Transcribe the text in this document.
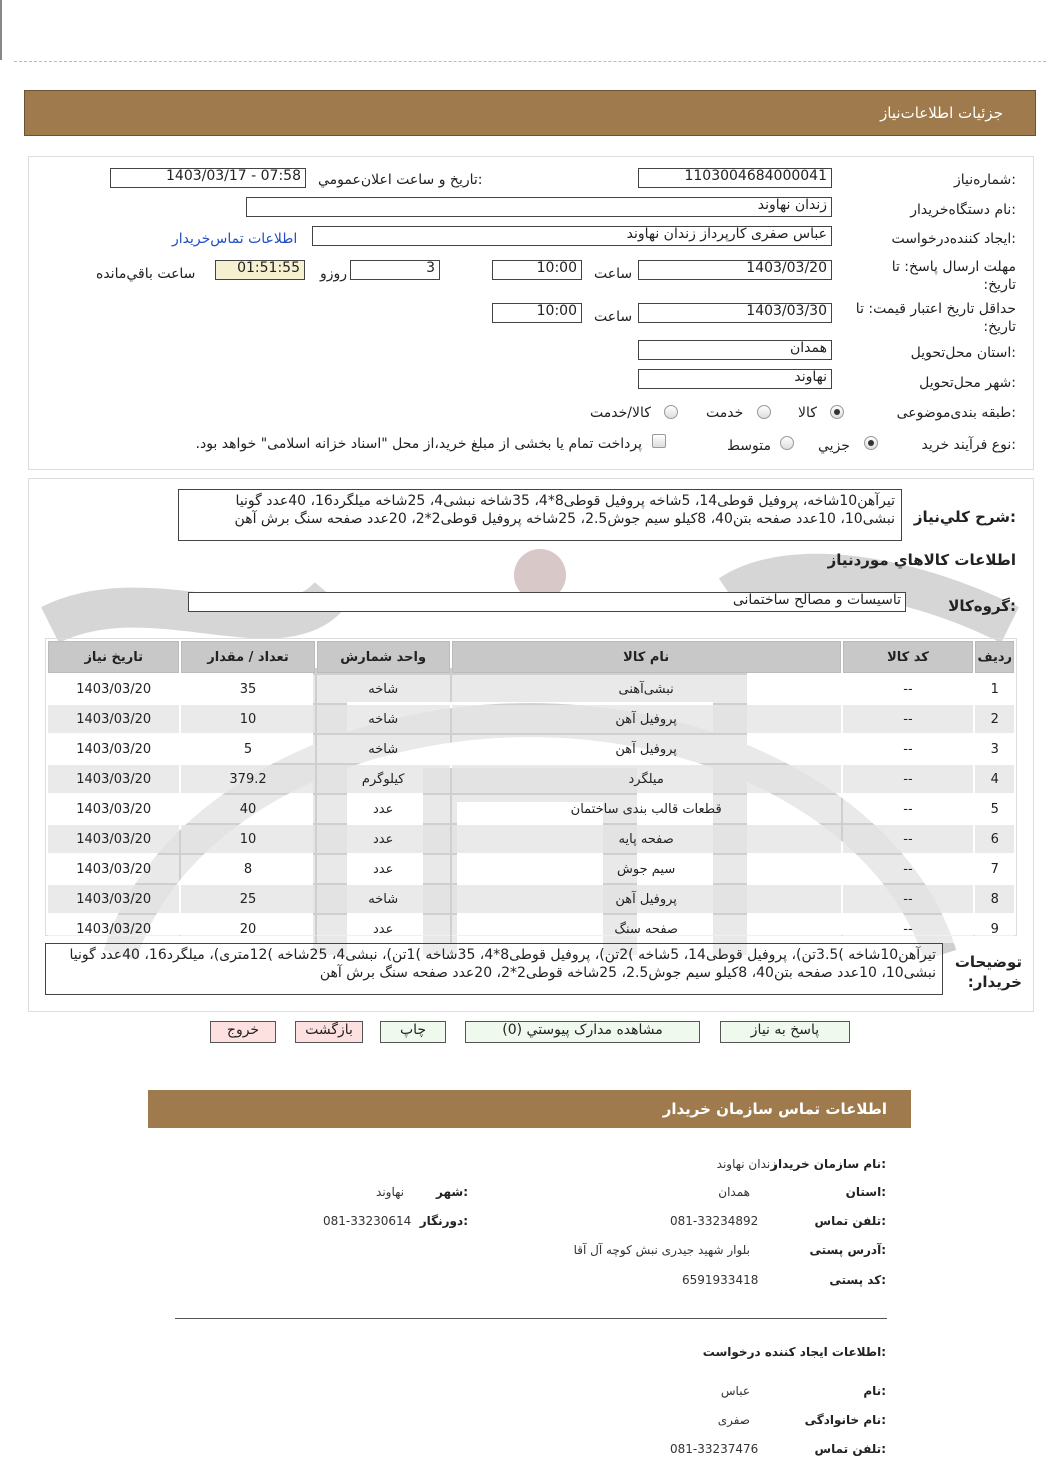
جزئیات اطلاعات‌نیاز
شماره‌نیاز:
1103004684000041
تاريخ و ساعت اعلان‌عمومي:
1403/03/17 - 07:58
نام دستگاه‌خريدار:
زندان نهاوند
ايجاد کننده‌درخواست:
عباس صفری کارپرداز زندان نهاوند
اطلاعات تماس‌خريدار
مهلت ارسال پاسخ: تا تاريخ:
1403/03/20
ساعت
10:00
3
روزو
01:51:55
ساعت باقي‌مانده
حداقل تاريخ اعتبار قيمت: تا تاريخ:
1403/03/30
ساعت
10:00
استان محل‌تحويل:
همدان
شهر محل‌تحويل:
نهاوند
طبقه بندی‌موضوعی:
کالا
خدمت
کالا/خدمت
نوع فرآيند خريد:
جزيي
متوسط
پرداخت تمام يا بخشی از مبلغ خريد،از محل "اسناد خزانه اسلامی" خواهد بود.
شرح کلي‌نياز:
تیرآهن10شاخه، پروفیل قوطی14، 5شاخه پروفیل قوطی8*4، 35شاخه نبشی4، 25شاخه میلگرد16، 40عدد گونیا نبشی10، 10عدد صفحه بتن40، 8کیلو سیم جوش2.5، 25شاخه پروفیل قوطی2*2، 20عدد صفحه سنگ برش آهن
اطلاعات کالاهاي موردنياز
گروه‌کالا:
تاسیسات و مصالح ساختمانی
رديف	کد کالا	نام کالا	واحد شمارش	تعداد / مقدار	تاريخ نياز
1	--	نبشی‌آهنی	شاخه	35	1403/03/20
2	--	پروفیل آهن	شاخه	10	1403/03/20
3	--	پروفیل آهن	شاخه	5	1403/03/20
4	--	میلگرد	کیلوگرم	379.2	1403/03/20
5	--	قطعات قالب بندی ساختمان	عدد	40	1403/03/20
6	--	صفحه پایه	عدد	10	1403/03/20
7	--	سیم جوش	عدد	8	1403/03/20
8	--	پروفیل آهن	شاخه	25	1403/03/20
9	--	صفحه سنگ	عدد	20	1403/03/20
توضيحات خريدار:
تیرآهن10شاخه )3.5تن)، پروفیل قوطی14، 5شاخه )2تن)، پروفیل قوطی8*4، 35شاخه )1تن)، نبشی4، 25شاخه )12متری)، میلگرد16، 40عدد گونیا نبشی10، 10عدد صفحه بتن40، 8کیلو سیم جوش2.5، 25شاخه قوطی2*2، 20عدد صفحه سنگ برش آهن
پاسخ به نياز
مشاهده مدارک پيوستي (0)
چاپ
بازگشت
خروج
اطلاعات تماس سازمان خریدار
نام سازمان خریدار:
زندان نهاوند
استان:
همدان
شهر:
نهاوند
تلفن تماس:
081-33234892
دورنگار:
081-33230614
آدرس پستی:
بلوار شهید جیدری نبش کوچه آل آقا
کد پستی:
6591933418
اطلاعات ایجاد کننده درخواست:
نام:
عباس
نام خانوادگی:
صفری
تلفن تماس:
081-33237476
